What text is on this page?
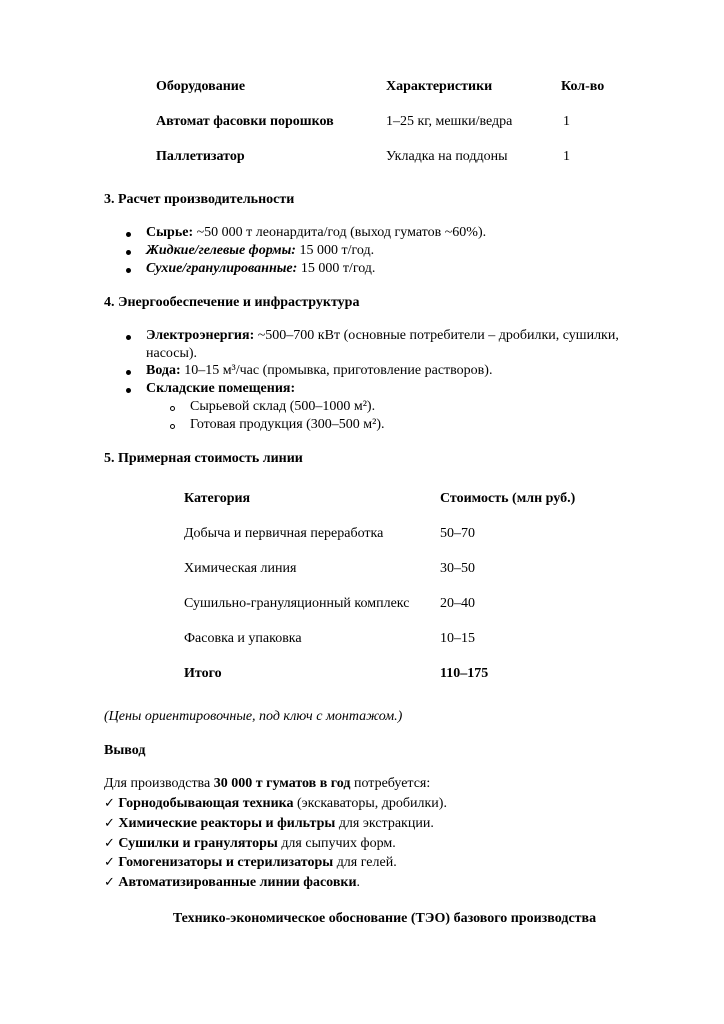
Оборудование	Характеристики	Кол-во
Автомат фасовки порошков	1–25 кг, мешки/ведра	1
Паллетизатор	Укладка на поддоны	1
3. Расчет производительности
Сырье: ~50 000 т леонардита/год (выход гуматов ~60%).
Жидкие/гелевые формы: 15 000 т/год.
Сухие/гранулированные: 15 000 т/год.
4. Энергообеспечение и инфраструктура
Электроэнергия: ~500–700 кВт (основные потребители – дробилки, сушилки,
насосы).
Вода: 10–15 м³/час (промывка, приготовление растворов).
Складские помещения:
Сырьевой склад (500–1000 м²).
Готовая продукция (300–500 м²).
5. Примерная стоимость линии
Категория	Стоимость (млн руб.)
Добыча и первичная переработка	50–70
Химическая линия	30–50
Сушильно-грануляционный комплекс 20–40
Фасовка и упаковка	10–15
Итого	110–175
(Цены ориентировочные, под ключ с монтажом.)
Вывод
Для производства 30 000 т гуматов в год потребуется:
✓ Горнодобывающая техника (экскаваторы, дробилки).
✓ Химические реакторы и фильтры для экстракции.
✓ Сушилки и грануляторы для сыпучих форм.
✓ Гомогенизаторы и стерилизаторы для гелей.
✓ Автоматизированные линии фасовки.
Технико-экономическое обоснование (ТЭО) базового производства
